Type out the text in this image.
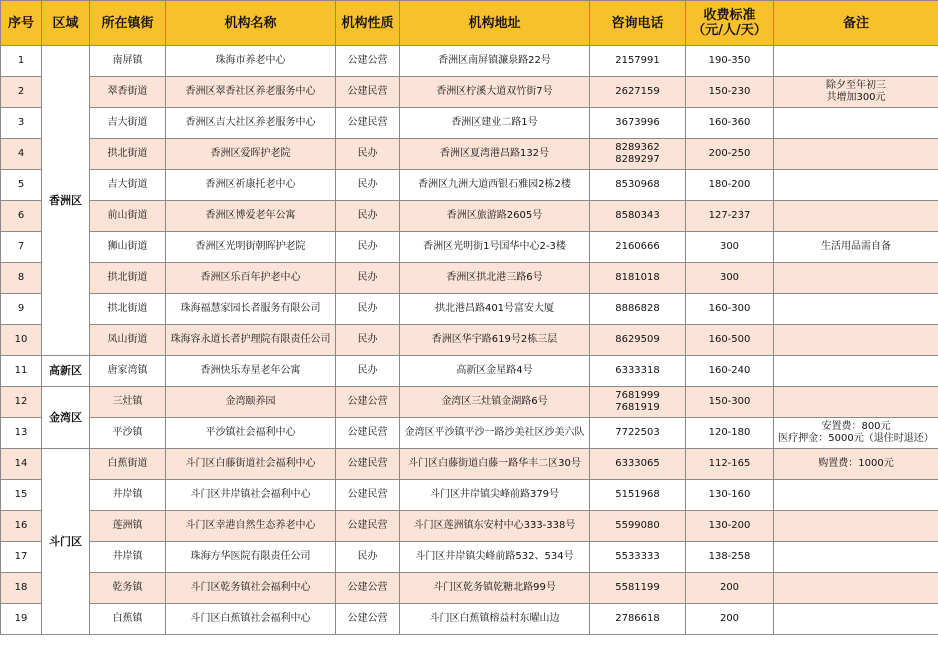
序号	区域	所在镇街	机构名称	机构性质	机构地址	咨询电话	收费标准
（元/人/天）	备注
1	香洲区	南屏镇	珠海市养老中心	公建公营	香洲区南屏镇濂泉路22号	2157991	190-350	
2		翠香街道	香洲区翠香社区养老服务中心	公建民营	香洲区柠溪大道双竹街7号	2627159	150-230	除夕至年初三
共增加300元
3		吉大街道	香洲区吉大社区养老服务中心	公建民营	香洲区建业二路1号	3673996	160-360	
4		拱北街道	香洲区爱晖护老院	民办	香洲区夏湾港昌路132号	8289362
8289297	200-250	
5		吉大街道	香洲区祈康托老中心	民办	香洲区九洲大道西银石雅园2栋2楼	8530968	180-200	
6		前山街道	香洲区博爱老年公寓	民办	香洲区旅游路2605号	8580343	127-237	
7		狮山街道	香洲区光明街朝晖护老院	民办	香洲区光明街1号国华中心2-3楼	2160666	300	生活用品需自备
8		拱北街道	香洲区乐百年护老中心	民办	香洲区拱北港三路6号	8181018	300	
9		拱北街道	珠海福慧家园长者服务有限公司	民办	拱北港昌路401号富安大厦	8886828	160-300	
10		凤山街道	珠海容永道长者护理院有限责任公司	民办	香洲区华宇路619号2栋三层	8629509	160-500	
11	高新区	唐家湾镇	香洲快乐寿星老年公寓	民办	高新区金星路4号	6333318	160-240	
12	金湾区	三灶镇	金湾颐养园	公建公营	金湾区三灶镇金湖路6号	7681999
7681919	150-300	
13		平沙镇	平沙镇社会福利中心	公建民营	金湾区平沙镇平沙一路沙美社区沙美六队	7722503	120-180	安置费：800元
医疗押金：5000元（退住时退还）
14	斗门区	白蕉街道	斗门区白藤街道社会福利中心	公建民营	斗门区白藤街道白藤一路华丰二区30号	6333065	112-165	购置费：1000元
15		井岸镇	斗门区井岸镇社会福利中心	公建民营	斗门区井岸镇尖峰前路379号	5151968	130-160	
16		莲洲镇	斗门区幸港自然生态养老中心	公建民营	斗门区莲洲镇东安村中心333-338号	5599080	130-200	
17		井岸镇	珠海方华医院有限责任公司	民办	斗门区井岸镇尖峰前路532、534号	5533333	138-258	
18		乾务镇	斗门区乾务镇社会福利中心	公建公营	斗门区乾务镇乾糖北路99号	5581199	200	
19		白蕉镇	斗门区白蕉镇社会福利中心	公建公营	斗门区白蕉镇榕益村东曜山边	2786618	200	
